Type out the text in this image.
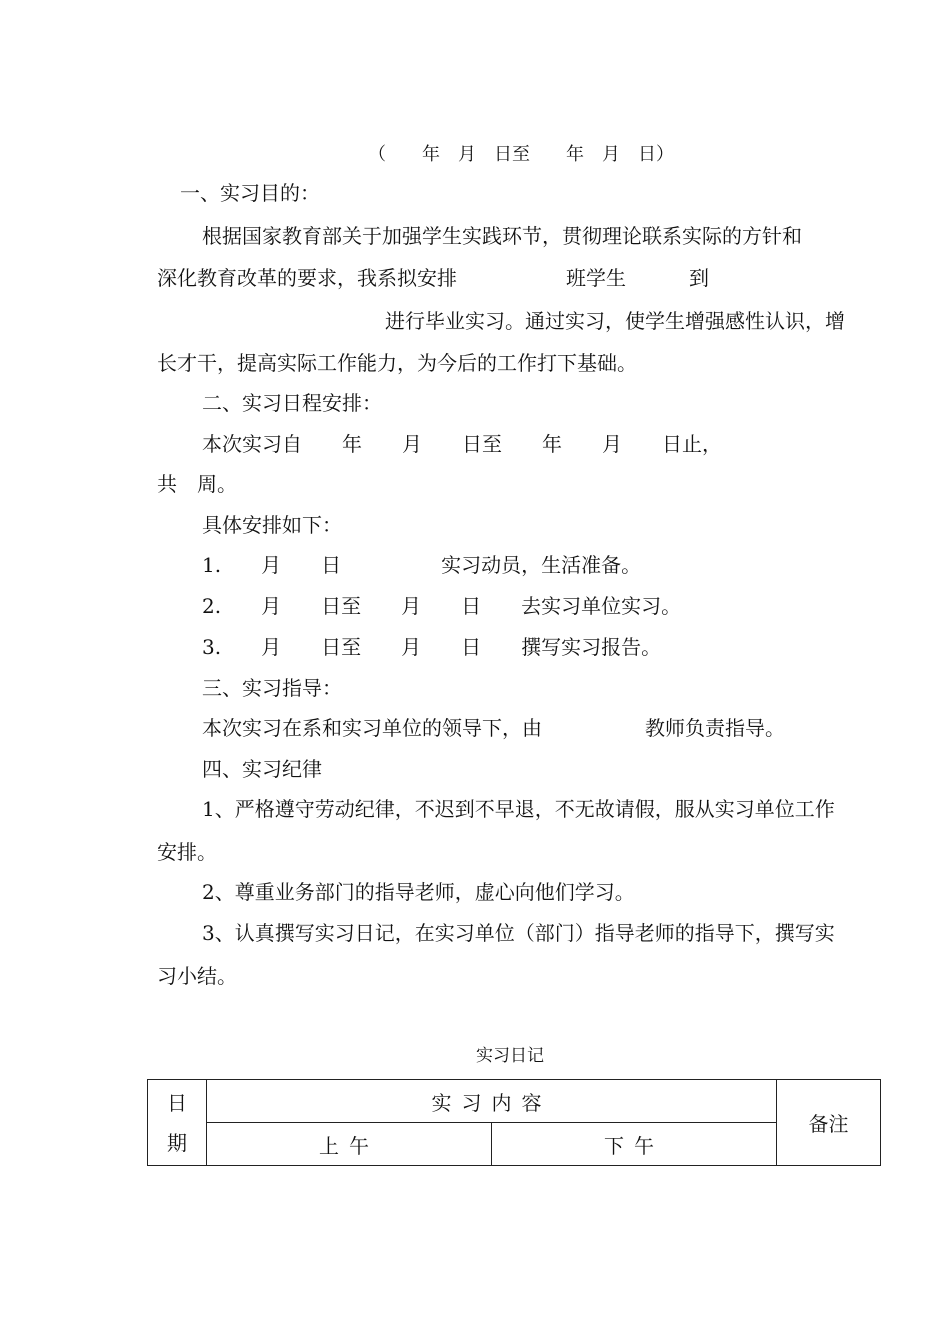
（　　年　月　日至　　年　月　日）
一、实习目的：
根据国家教育部关于加强学生实践环节，贯彻理论联系实际的方针和
深化教育改革的要求，我系拟安排	班学生	到
进行毕业实习。通过实习，使学生增强感性认识，增
长才干，提高实际工作能力，为今后的工作打下基础。
二、实习日程安排：
本次实习自　　年　　月　　日至　　年　　月　　日止，
共　周。
具体安排如下：
1.　　月　　日　　　　　实习动员，生活准备。
2.　　月　　日至　　月　　日　　去实习单位实习。
3.　　月　　日至　　月　　日　　撰写实习报告。
三、实习指导：
本次实习在系和实习单位的领导下，由	教师负责指导。
四、实习纪律
1、严格遵守劳动纪律，不迟到不早退，不无故请假，服从实习单位工作
安排。
2、尊重业务部门的指导老师，虚心向他们学习。
3、认真撰写实习日记，在实习单位（部门）指导老师的指导下，撰写实
习小结。
实习日记
日
期	实习内容		备注
	上午	下午	
